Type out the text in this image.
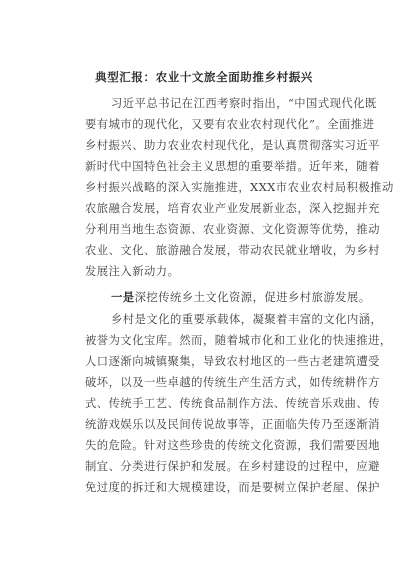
典型汇报：农业十文旅全面助推乡村振兴
习近平总书记在江西考察时指出，“中国式现代化既
要有城市的现代化，又要有农业农村现代化”。全面推进
乡村振兴、助力农业农村现代化，是认真贯彻落实习近平
新时代中国特色社会主义思想的重要举措。近年来，随着
乡村振兴战略的深入实施推进，XXX市农业农村局积极推动
农旅融合发展，培育农业产业发展新业态，深入挖掘并充
分利用当地生态资源、农业资源、文化资源等优势，推动
农业、文化、旅游融合发展，带动农民就业增收，为乡村
发展注入新动力。
一是深挖传统乡土文化资源，促进乡村旅游发展。
乡村是文化的重要承载体，凝聚着丰富的文化内涵，
被誉为文化宝库。然而，随着城市化和工业化的快速推进，
人口逐渐向城镇聚集，导致农村地区的一些古老建筑遭受
破坏，以及一些卓越的传统生产生活方式，如传统耕作方
式、传统手工艺、传统食品制作方法、传统音乐戏曲、传
统游戏娱乐以及民间传说故事等，正面临失传乃至逐渐消
失的危险。针对这些珍贵的传统文化资源，我们需要因地
制宜、分类进行保护和发展。在乡村建设的过程中，应避
免过度的拆迁和大规模建设，而是要树立保护老屋、保护
